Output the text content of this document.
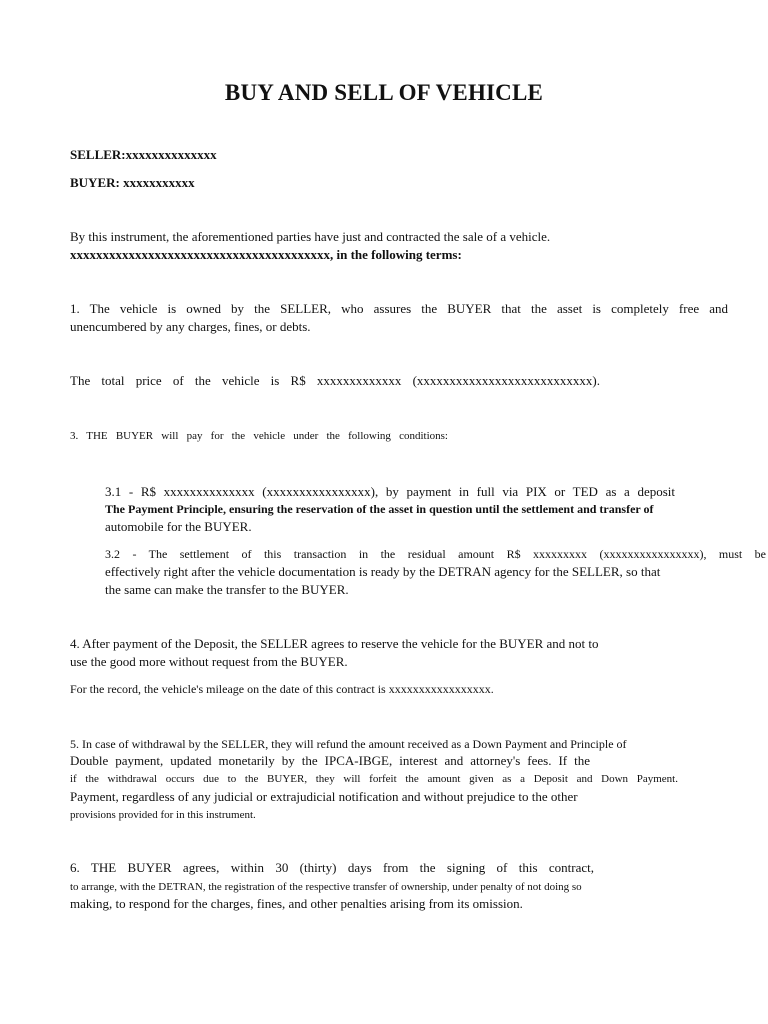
BUY AND SELL OF VEHICLE

SELLER:xxxxxxxxxxxxxx

BUYER: xxxxxxxxxxx

By this instrument, the aforementioned parties have just and contracted the sale of a vehicle.

xxxxxxxxxxxxxxxxxxxxxxxxxxxxxxxxxxxxxxxx, in the following terms:

1. The vehicle is owned by the SELLER, who assures the BUYER that the asset is completely free and

unencumbered by any charges, fines, or debts.

The total price of the vehicle is R$ xxxxxxxxxxxxx (xxxxxxxxxxxxxxxxxxxxxxxxxxx).

3. THE BUYER will pay for the vehicle under the following conditions:

3.1 - R$ xxxxxxxxxxxxxx (xxxxxxxxxxxxxxxx), by payment in full via PIX or TED as a deposit

The Payment Principle, ensuring the reservation of the asset in question until the settlement and transfer of

automobile for the BUYER.

3.2 - The settlement of this transaction in the residual amount R$ xxxxxxxxx (xxxxxxxxxxxxxxxx), must be

effectively right after the vehicle documentation is ready by the DETRAN agency for the SELLER, so that

the same can make the transfer to the BUYER.

4. After payment of the Deposit, the SELLER agrees to reserve the vehicle for the BUYER and not to

use the good more without request from the BUYER.

For the record, the vehicle's mileage on the date of this contract is xxxxxxxxxxxxxxxxx.

5. In case of withdrawal by the SELLER, they will refund the amount received as a Down Payment and Principle of

Double payment, updated monetarily by the IPCA-IBGE, interest and attorney's fees. If the

if the withdrawal occurs due to the BUYER, they will forfeit the amount given as a Deposit and Down Payment.

Payment, regardless of any judicial or extrajudicial notification and without prejudice to the other

provisions provided for in this instrument.

6. THE BUYER agrees, within 30 (thirty) days from the signing of this contract,

to arrange, with the DETRAN, the registration of the respective transfer of ownership, under penalty of not doing so

making, to respond for the charges, fines, and other penalties arising from its omission.
